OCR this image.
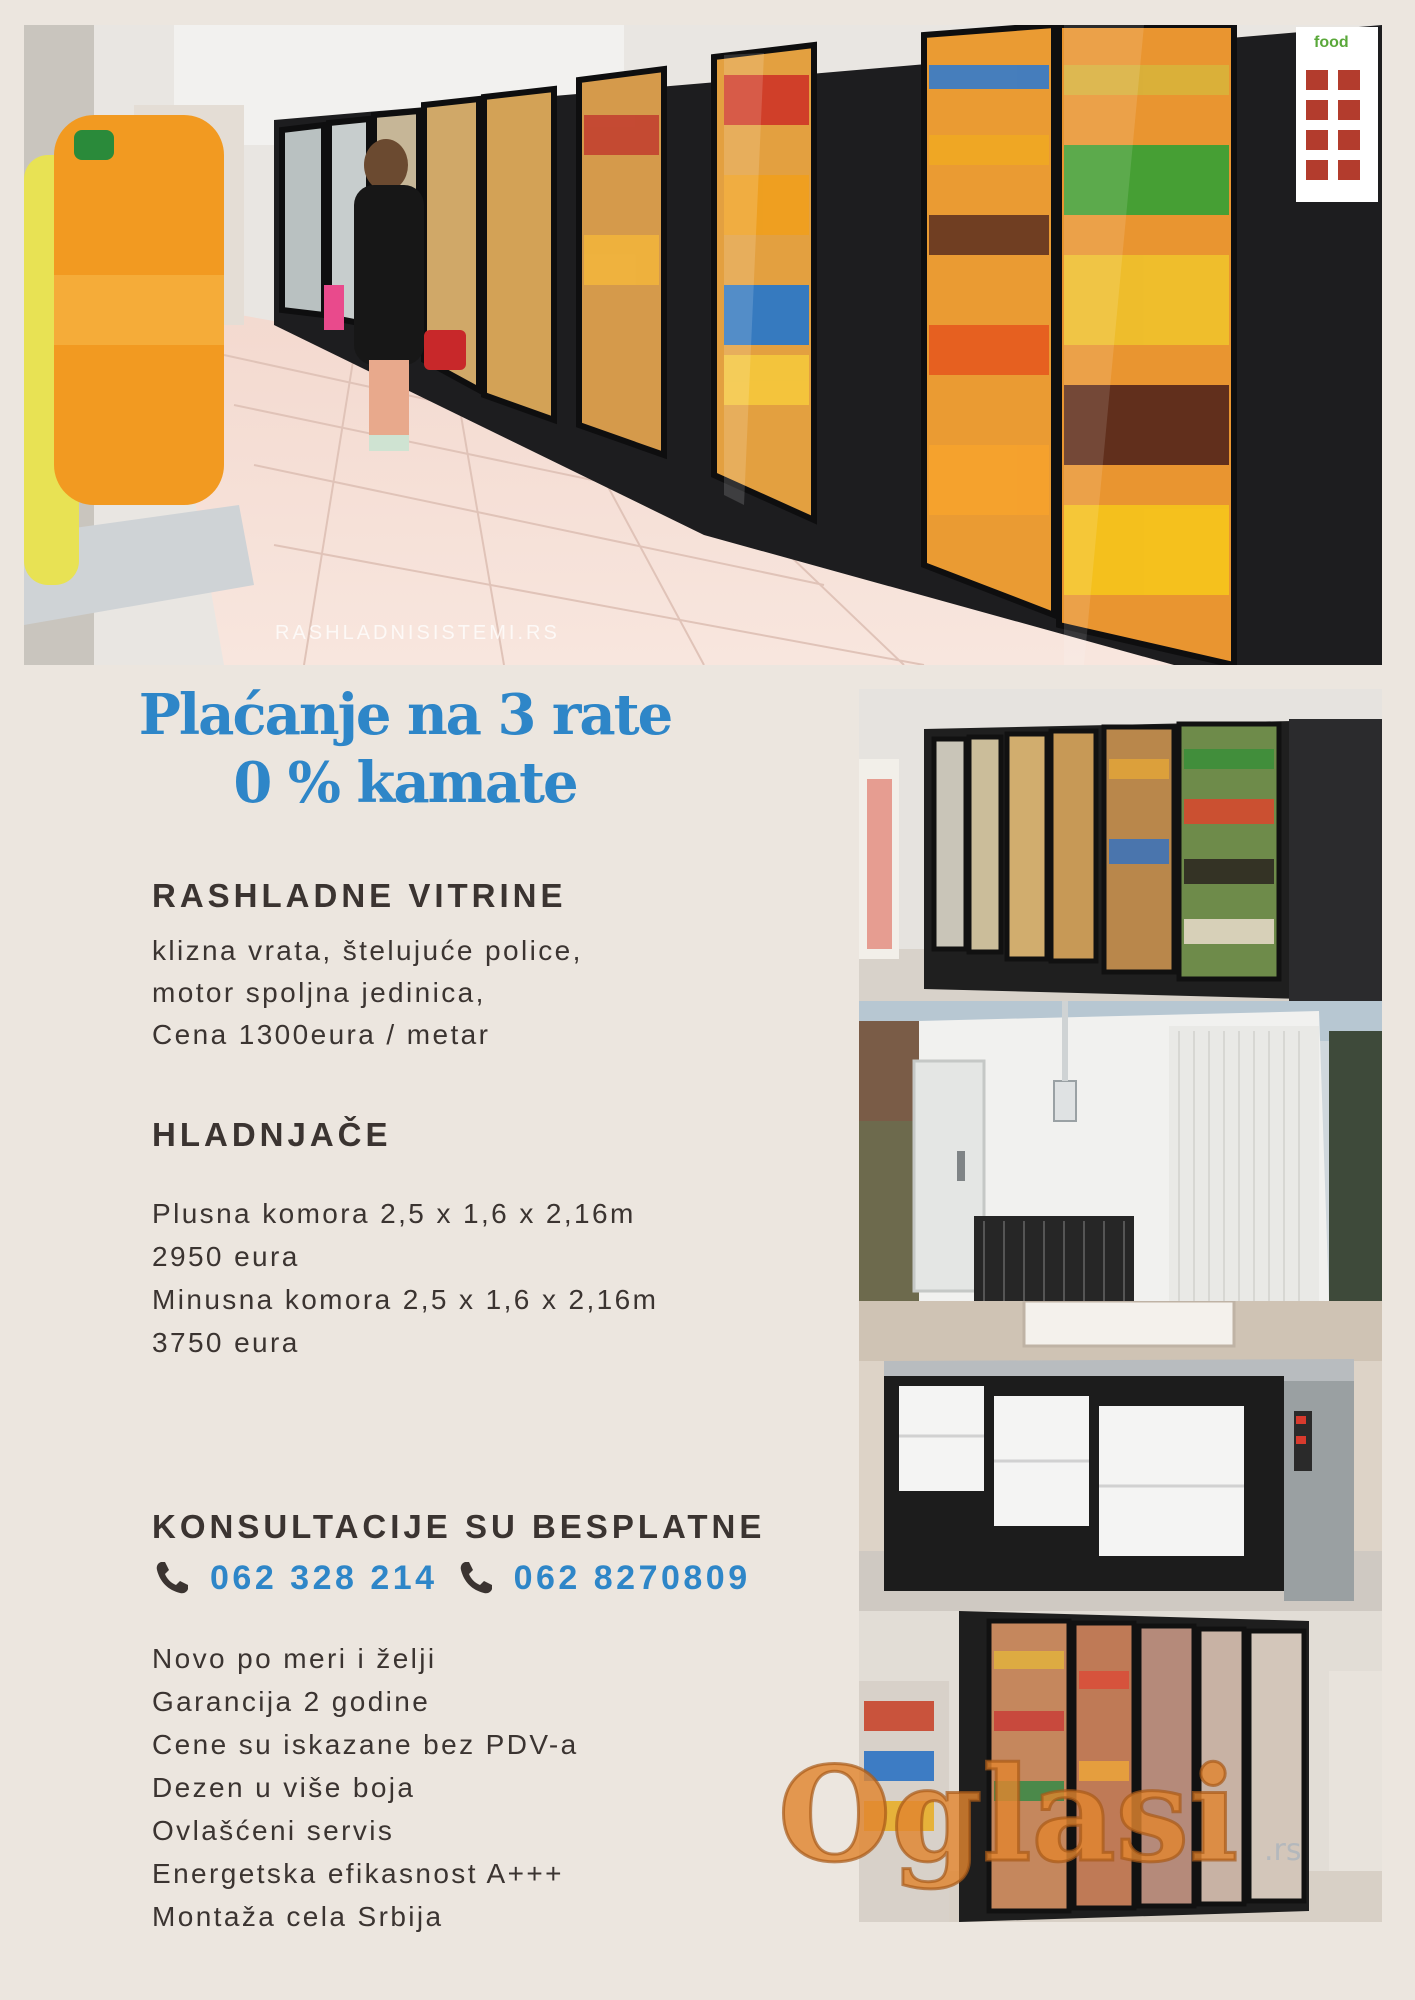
food
RASHLADNISISTEMI.RS
Plaćanje na 3 rate
0 % kamate
RASHLADNE VITRINE
klizna vrata, štelujuće police,
motor spoljna jedinica,
Cena 1300eura / metar
HLADNJAČE
Plusna komora 2,5 x 1,6 x 2,16m
2950 eura
Minusna komora 2,5 x 1,6 x 2,16m
3750 eura
KONSULTACIJE SU BESPLATNE
062 328 214 062 8270809
Novo po meri i želji
Garancija 2 godine
Cene su iskazane bez PDV-a
Dezen u više boja
Ovlašćeni servis
Energetska efikasnost A+++
Montaža cela Srbija
Oglasi .rs
